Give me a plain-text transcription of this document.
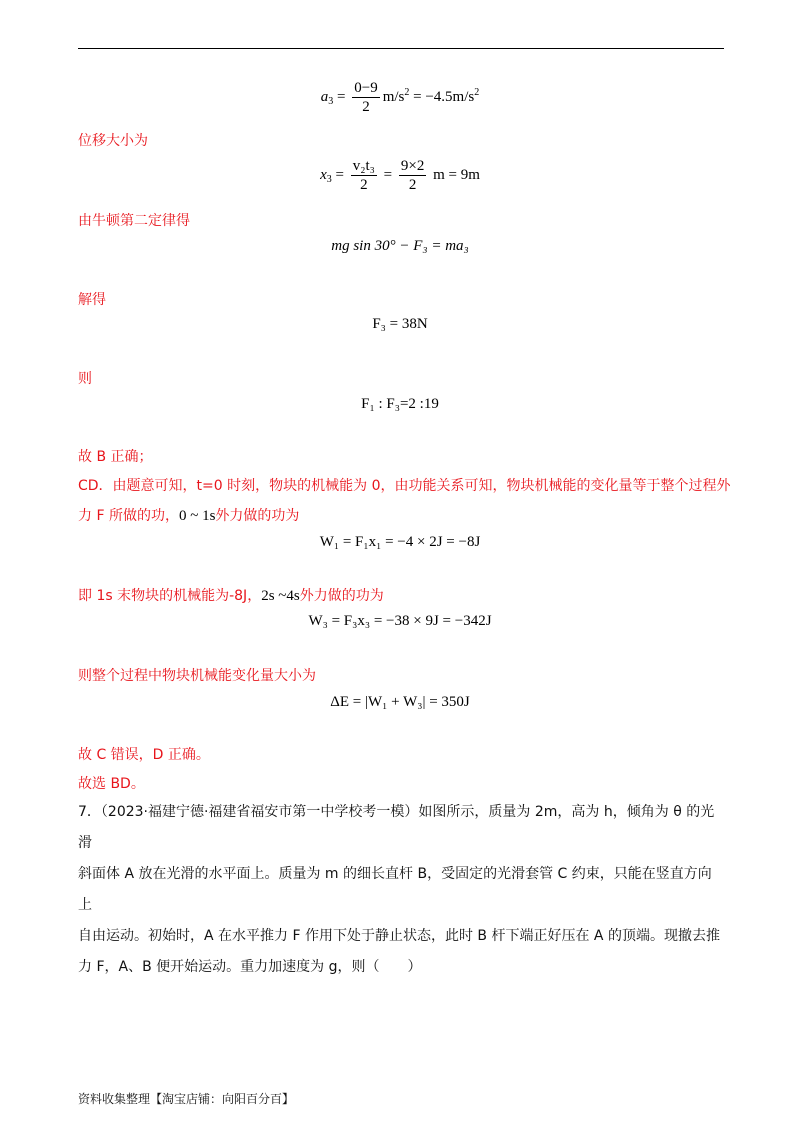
$a_3 = \frac{0-9}{2} m/s^2 = -4.5m/s^2$
位移大小为
$x_3 = \frac{\text{v₂t₃}}{2} = \frac{9\times 2}{2}$ m = 9m
由牛顿第二定律得
mg sin 30° − F₃ = ma₃
解得
F₃ = 38N
则
F₁ : F₃=2 :19
故 B 正确；
CD．由题意可知，t=0 时刻，物块的机械能为 0，由功能关系可知，物块机械能的变化量等于整个过程外
力 F 所做的功，0 ~ 1s外力做的功为
W₁ = F₁x₁ = −4 × 2J = −8J
即 1s 末物块的机械能为-8J，2s ~4s外力做的功为
W₃ = F₃x₃ = −38 × 9J = −342J
则整个过程中物块机械能变化量大小为
ΔE = |W₁ + W₃| = 350J
故 C 错误，D 正确。
故选 BD。
7．（2023·福建宁德·福建省福安市第一中学校考一模）如图所示，质量为 2m，高为 h，倾角为 θ 的光滑
斜面体 A 放在光滑的水平面上。质量为 m 的细长直杆 B，受固定的光滑套管 C 约束，只能在竖直方向上
自由运动。初始时，A 在水平推力 F 作用下处于静止状态，此时 B 杆下端正好压在 A 的顶端。现撤去推
力 F，A、B 便开始运动。重力加速度为 g，则（　　）
资料收集整理【淘宝店铺：向阳百分百】
